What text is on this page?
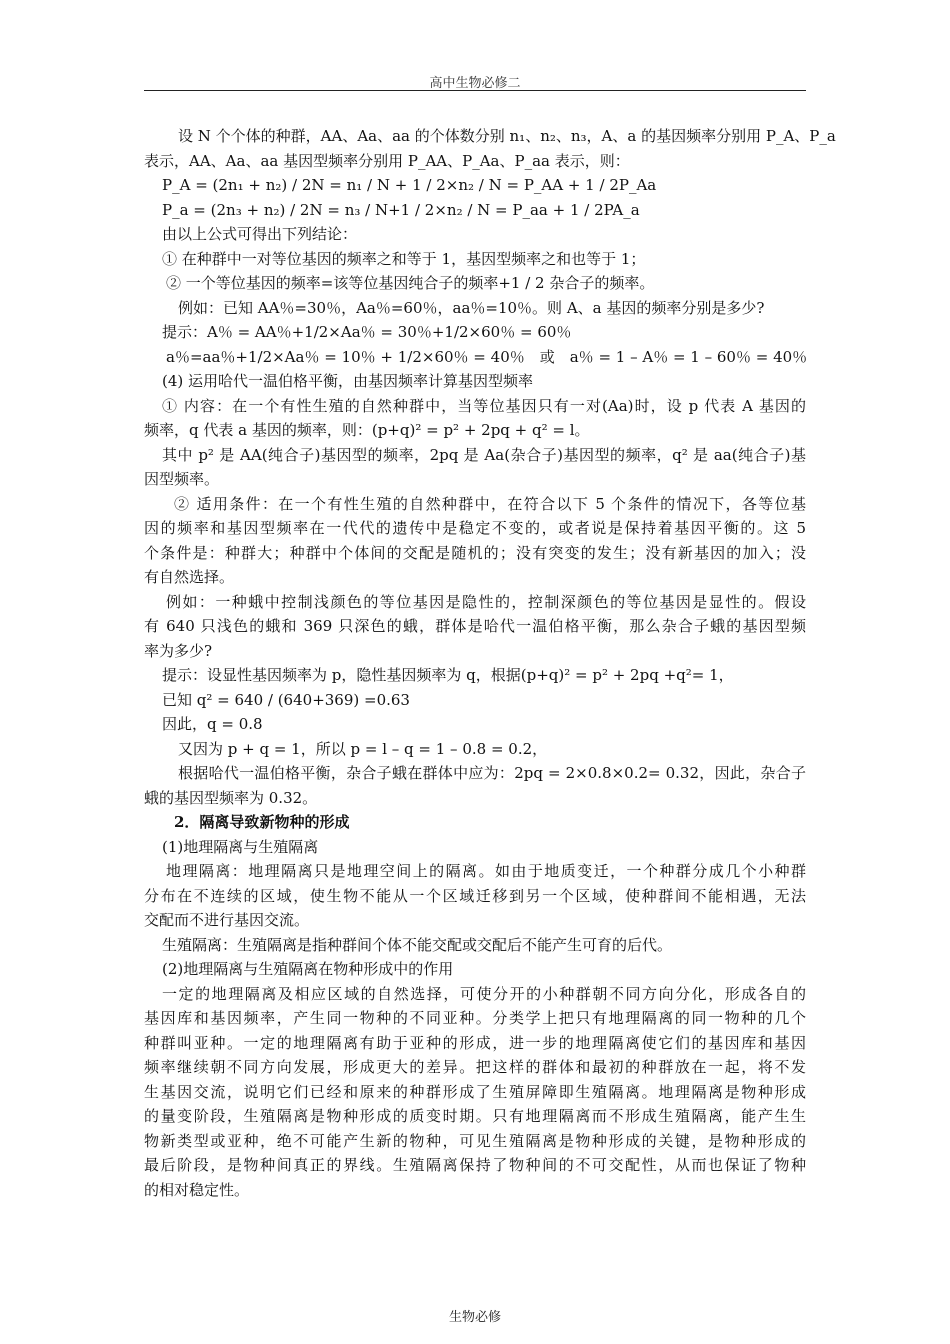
高中生物必修二
设 N 个个体的种群，AA、Aa、aa 的个体数分别 n₁、n₂、n₃，A、a 的基因频率分别用 P_A、P_a
表示，AA、Aa、aa 基因型频率分别用 P_AA、P_Aa、P_aa 表示，则：
P_A = (2n₁ + n₂) / 2N = n₁ / N + 1 / 2×n₂ / N = P_AA + 1 / 2P_Aa
P_a = (2n₃ + n₂) / 2N = n₃ / N+1 / 2×n₂ / N = P_aa + 1 / 2PA_a
由以上公式可得出下列结论：
① 在种群中一对等位基因的频率之和等于 1，基因型频率之和也等于 1；
② 一个等位基因的频率=该等位基因纯合子的频率+1 / 2 杂合子的频率。
例如：已知 AA％=30％，Aa％=60％，aa％=10％。则 A、a 基因的频率分别是多少?
提示：A％ = AA％+1/2×Aa％ = 30％+1/2×60％ = 60％
a％=aa％+1/2×Aa％ = 10％ + 1/2×60％ = 40％　或　a％ = 1 – A％ = 1 – 60％ = 40％
(4) 运用哈代一温伯格平衡，由基因频率计算基因型频率
① 内容：在一个有性生殖的自然种群中，当等位基因只有一对(Aa)时，设 p 代表 A 基因的
频率，q 代表 a 基因的频率，则：(p+q)² = p² + 2pq + q² = l。
其中 p² 是 AA(纯合子)基因型的频率，2pq 是 Aa(杂合子)基因型的频率，q² 是 aa(纯合子)基
因型频率。
② 适用条件：在一个有性生殖的自然种群中，在符合以下 5 个条件的情况下，各等位基
因的频率和基因型频率在一代代的遗传中是稳定不变的，或者说是保持着基因平衡的。这 5
个条件是：种群大；种群中个体间的交配是随机的；没有突变的发生；没有新基因的加入；没
有自然选择。
例如：一种蛾中控制浅颜色的等位基因是隐性的，控制深颜色的等位基因是显性的。假设
有 640 只浅色的蛾和 369 只深色的蛾，群体是哈代一温伯格平衡，那么杂合子蛾的基因型频
率为多少?
提示：设显性基因频率为 p，隐性基因频率为 q，根据(p+q)² = p² + 2pq +q²= 1，
已知 q² = 640 / (640+369) =0.63
因此，q = 0.8
又因为 p + q = 1，所以 p = l – q = 1 – 0.8 = 0.2，
根据哈代一温伯格平衡，杂合子蛾在群体中应为：2pq = 2×0.8×0.2= 0.32，因此，杂合子
蛾的基因型频率为 0.32。
2．隔离导致新物种的形成
(1)地理隔离与生殖隔离
地理隔离：地理隔离只是地理空间上的隔离。如由于地质变迁，一个种群分成几个小种群
分布在不连续的区域，使生物不能从一个区域迁移到另一个区域，使种群间不能相遇，无法
交配而不进行基因交流。
生殖隔离：生殖隔离是指种群间个体不能交配或交配后不能产生可育的后代。
(2)地理隔离与生殖隔离在物种形成中的作用
一定的地理隔离及相应区域的自然选择，可使分开的小种群朝不同方向分化，形成各自的
基因库和基因频率，产生同一物种的不同亚种。分类学上把只有地理隔离的同一物种的几个
种群叫亚种。一定的地理隔离有助于亚种的形成，进一步的地理隔离使它们的基因库和基因
频率继续朝不同方向发展，形成更大的差异。把这样的群体和最初的种群放在一起，将不发
生基因交流，说明它们已经和原来的种群形成了生殖屏障即生殖隔离。地理隔离是物种形成
的量变阶段，生殖隔离是物种形成的质变时期。只有地理隔离而不形成生殖隔离，能产生生
物新类型或亚种，绝不可能产生新的物种，可见生殖隔离是物种形成的关键，是物种形成的
最后阶段，是物种间真正的界线。生殖隔离保持了物种间的不可交配性，从而也保证了物种
的相对稳定性。
生物必修
